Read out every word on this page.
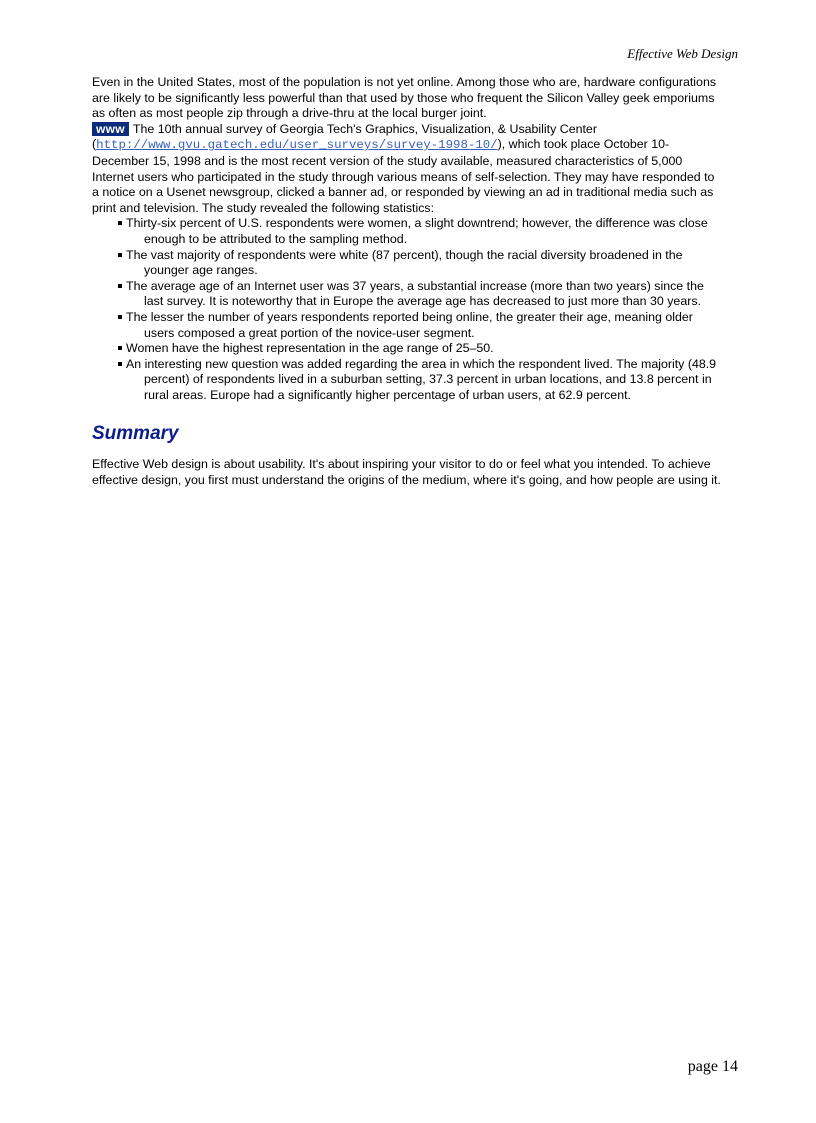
Effective Web Design

Even in the United States, most of the population is not yet online. Among those who are, hardware configurations are likely to be significantly less powerful than that used by those who frequent the Silicon Valley geek emporiums as often as most people zip through a drive-thru at the local burger joint.

www The 10th annual survey of Georgia Tech's Graphics, Visualization, & Usability Center (http://www.gvu.gatech.edu/user_surveys/survey-1998-10/), which took place October 10-December 15, 1998 and is the most recent version of the study available, measured characteristics of 5,000 Internet users who participated in the study through various means of self-selection. They may have responded to a notice on a Usenet newsgroup, clicked a banner ad, or responded by viewing an ad in traditional media such as print and television. The study revealed the following statistics:

Thirty-six percent of U.S. respondents were women, a slight downtrend; however, the difference was close enough to be attributed to the sampling method.
The vast majority of respondents were white (87 percent), though the racial diversity broadened in the younger age ranges.
The average age of an Internet user was 37 years, a substantial increase (more than two years) since the last survey. It is noteworthy that in Europe the average age has decreased to just more than 30 years.
The lesser the number of years respondents reported being online, the greater their age, meaning older users composed a great portion of the novice-user segment.
Women have the highest representation in the age range of 25–50.
An interesting new question was added regarding the area in which the respondent lived. The majority (48.9 percent) of respondents lived in a suburban setting, 37.3 percent in urban locations, and 13.8 percent in rural areas. Europe had a significantly higher percentage of urban users, at 62.9 percent.
Summary

Effective Web design is about usability. It's about inspiring your visitor to do or feel what you intended. To achieve effective design, you first must understand the origins of the medium, where it's going, and how people are using it.

page 14
